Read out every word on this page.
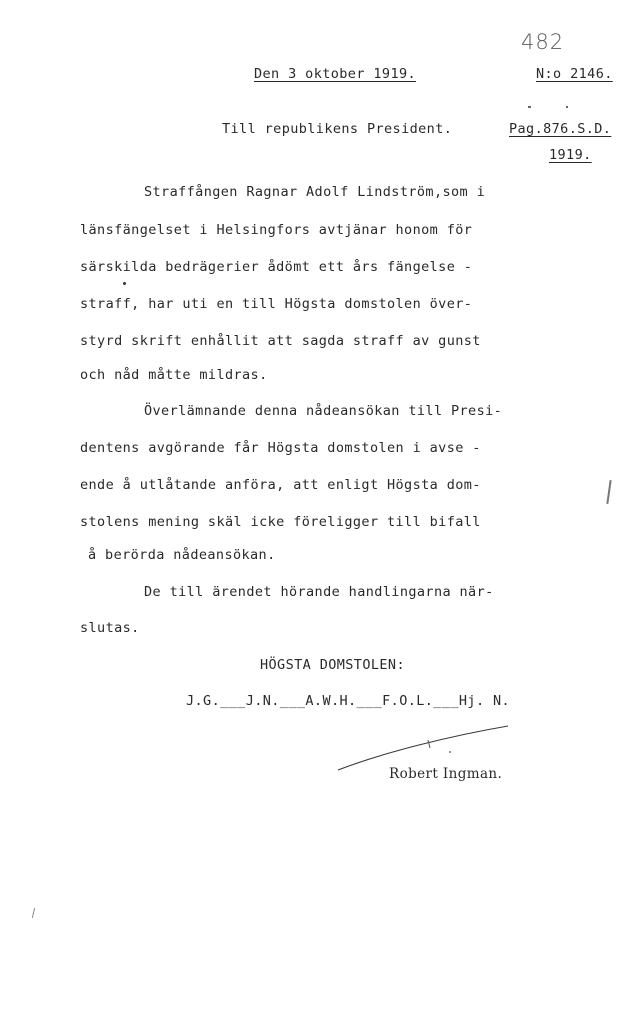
482
Den 3 oktober 1919.	N:o 2146.
Till republikens President.	Pag.876.S.D.
1919.
Straffången Ragnar Adolf Lindström,som i
länsfängelset i Helsingfors avtjänar honom för
särskilda bedrägerier ådömt ett års fängelse -
straff, har uti en till Högsta domstolen över-
styrd skrift enhållit att sagda straff av gunst
och nåd måtte mildras.
Överlämnande denna nådeansökan till Presi-
dentens avgörande får Högsta domstolen i avse -
ende å utlåtande anföra, att enligt Högsta dom-
stolens mening skäl icke föreligger till bifall
å berörda nådeansökan.
De till ärendet hörande handlingarna när-
slutas.
HÖGSTA DOMSTOLEN:
J.G.___J.N.___A.W.H.___F.O.L.___Hj. N.
Robert Ingman.
